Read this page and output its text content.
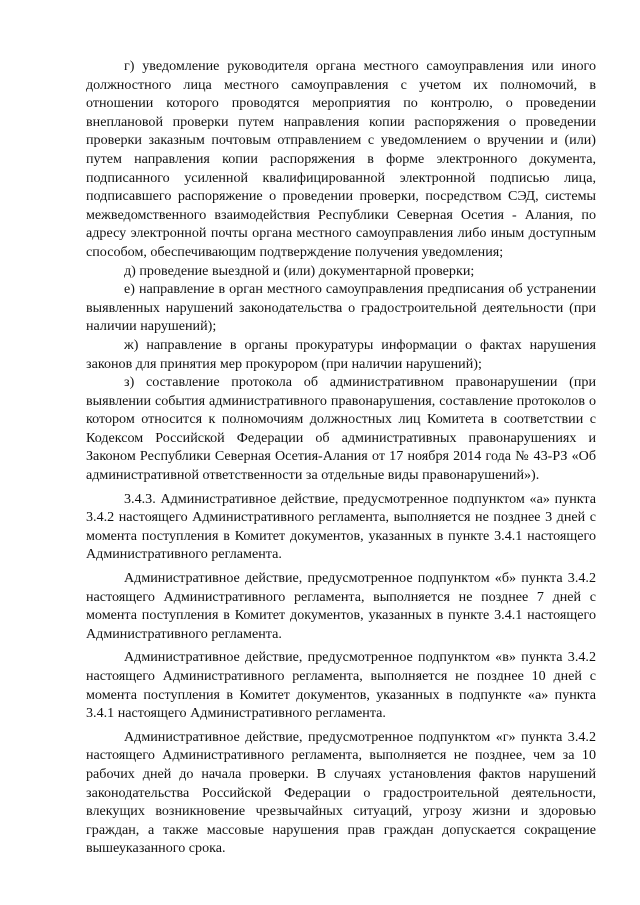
г) уведомление руководителя органа местного самоуправления или иного должностного лица местного самоуправления с учетом их полномочий, в отношении которого проводятся мероприятия по контролю, о проведении внеплановой проверки путем направления копии распоряжения о проведении проверки заказным почтовым отправлением с уведомлением о вручении и (или) путем направления копии распоряжения в форме электронного документа, подписанного усиленной квалифицированной электронной подписью лица, подписавшего распоряжение о проведении проверки, посредством СЭД, системы межведомственного взаимодействия Республики Северная Осетия - Алания, по адресу электронной почты органа местного самоуправления либо иным доступным способом, обеспечивающим подтверждение получения уведомления;

д) проведение выездной и (или) документарной проверки;

е) направление в орган местного самоуправления предписания об устранении выявленных нарушений законодательства о градостроительной деятельности (при наличии нарушений);

ж) направление в органы прокуратуры информации о фактах нарушения законов для принятия мер прокурором (при наличии нарушений);

з) составление протокола об административном правонарушении (при выявлении события административного правонарушения, составление протоколов о котором относится к полномочиям должностных лиц Комитета в соответствии с Кодексом Российской Федерации об административных правонарушениях и Законом Республики Северная Осетия-Алания от 17 ноября 2014 года № 43-РЗ «Об административной ответственности за отдельные виды правонарушений»).

3.4.3. Административное действие, предусмотренное подпунктом «а» пункта 3.4.2 настоящего Административного регламента, выполняется не позднее 3 дней с момента поступления в Комитет документов, указанных в пункте 3.4.1 настоящего Административного регламента.

Административное действие, предусмотренное подпунктом «б» пункта 3.4.2 настоящего Административного регламента, выполняется не позднее 7 дней с момента поступления в Комитет документов, указанных в пункте 3.4.1 настоящего Административного регламента.

Административное действие, предусмотренное подпунктом «в» пункта 3.4.2 настоящего Административного регламента, выполняется не позднее 10 дней с момента поступления в Комитет документов, указанных в подпункте «а» пункта 3.4.1 настоящего Административного регламента.

Административное действие, предусмотренное подпунктом «г» пункта 3.4.2 настоящего Административного регламента, выполняется не позднее, чем за 10 рабочих дней до начала проверки. В случаях установления фактов нарушений законодательства Российской Федерации о градостроительной деятельности, влекущих возникновение чрезвычайных ситуаций, угрозу жизни и здоровью граждан, а также массовые нарушения прав граждан допускается сокращение вышеуказанного срока.
